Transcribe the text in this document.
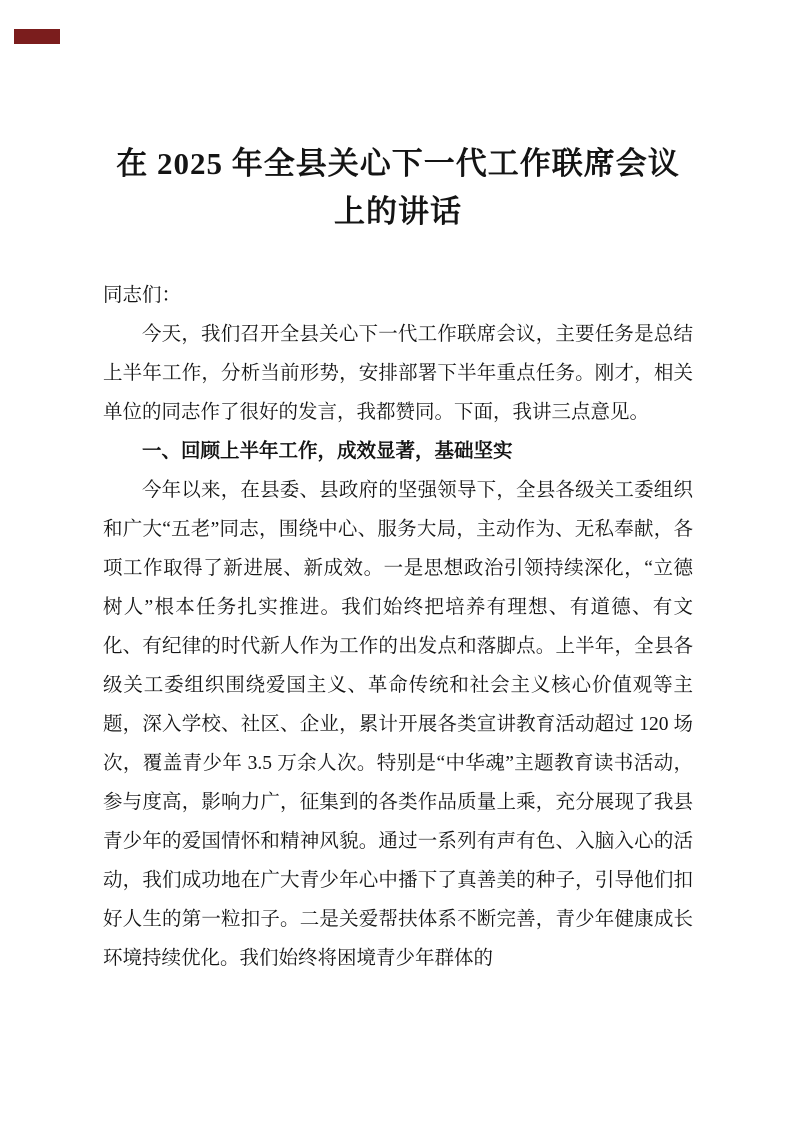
在 2025 年全县关心下一代工作联席会议上的讲话

同志们：

今天，我们召开全县关心下一代工作联席会议，主要任务是总结上半年工作，分析当前形势，安排部署下半年重点任务。刚才，相关单位的同志作了很好的发言，我都赞同。下面，我讲三点意见。

一、回顾上半年工作，成效显著，基础坚实

今年以来，在县委、县政府的坚强领导下，全县各级关工委组织和广大“五老”同志，围绕中心、服务大局，主动作为、无私奉献，各项工作取得了新进展、新成效。一是思想政治引领持续深化，“立德树人”根本任务扎实推进。我们始终把培养有理想、有道德、有文化、有纪律的时代新人作为工作的出发点和落脚点。上半年，全县各级关工委组织围绕爱国主义、革命传统和社会主义核心价值观等主题，深入学校、社区、企业，累计开展各类宣讲教育活动超过 120 场次，覆盖青少年 3.5 万余人次。特别是“中华魂”主题教育读书活动，参与度高，影响力广，征集到的各类作品质量上乘，充分展现了我县青少年的爱国情怀和精神风貌。通过一系列有声有色、入脑入心的活动，我们成功地在广大青少年心中播下了真善美的种子，引导他们扣好人生的第一粒扣子。二是关爱帮扶体系不断完善，青少年健康成长环境持续优化。我们始终将困境青少年群体的
